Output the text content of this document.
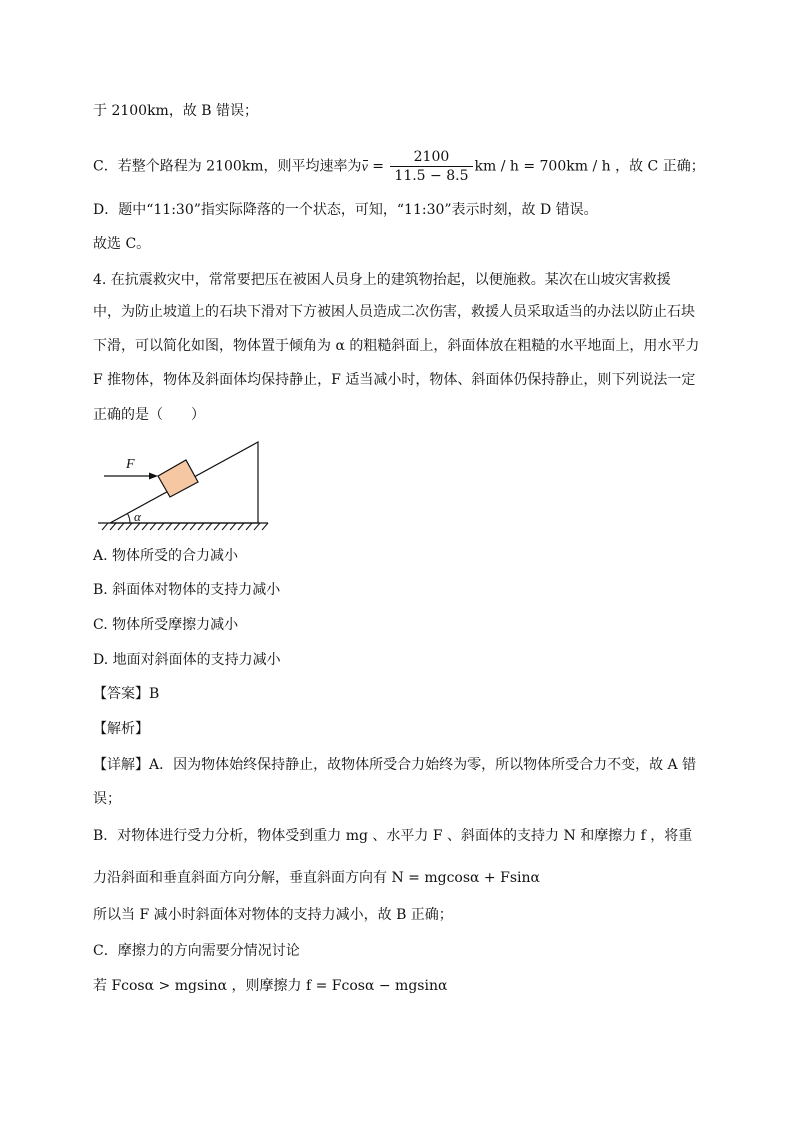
于 2100km，故 B 错误；
C．若整个路程为 2100km，则平均速率为$v = \frac{2100}{11.5 - 8.5}$ km / h = 700km / h ，故 C 正确；
D．题中“11:30”指实际降落的一个状态，可知，“11:30”表示时刻，故 D 错误。
故选 C。
4. 在抗震救灾中，常常要把压在被困人员身上的建筑物抬起，以便施救。某次在山坡灾害救援
中，为防止坡道上的石块下滑对下方被困人员造成二次伤害，救援人员采取适当的办法以防止石块
下滑，可以简化如图，物体置于倾角为 α 的粗糙斜面上，斜面体放在粗糙的水平地面上，用水平力
F 推物体，物体及斜面体均保持静止，F 适当减小时，物体、斜面体仍保持静止，则下列说法一定
正确的是（　　）
α
F
A. 物体所受的合力减小
B. 斜面体对物体的支持力减小
C. 物体所受摩擦力减小
D. 地面对斜面体的支持力减小
【答案】B
【解析】
【详解】A．因为物体始终保持静止，故物体所受合力始终为零，所以物体所受合力不变，故 A 错
误；
B．对物体进行受力分析，物体受到重力 mg 、水平力 F 、斜面体的支持力 N 和摩擦力 f ，将重
力沿斜面和垂直斜面方向分解，垂直斜面方向有 N = mgcosα + Fsinα
所以当 F 减小时斜面体对物体的支持力减小，故 B 正确；
C．摩擦力的方向需要分情况讨论
若 Fcosα > mgsinα ，则摩擦力 f = Fcosα − mgsinα
